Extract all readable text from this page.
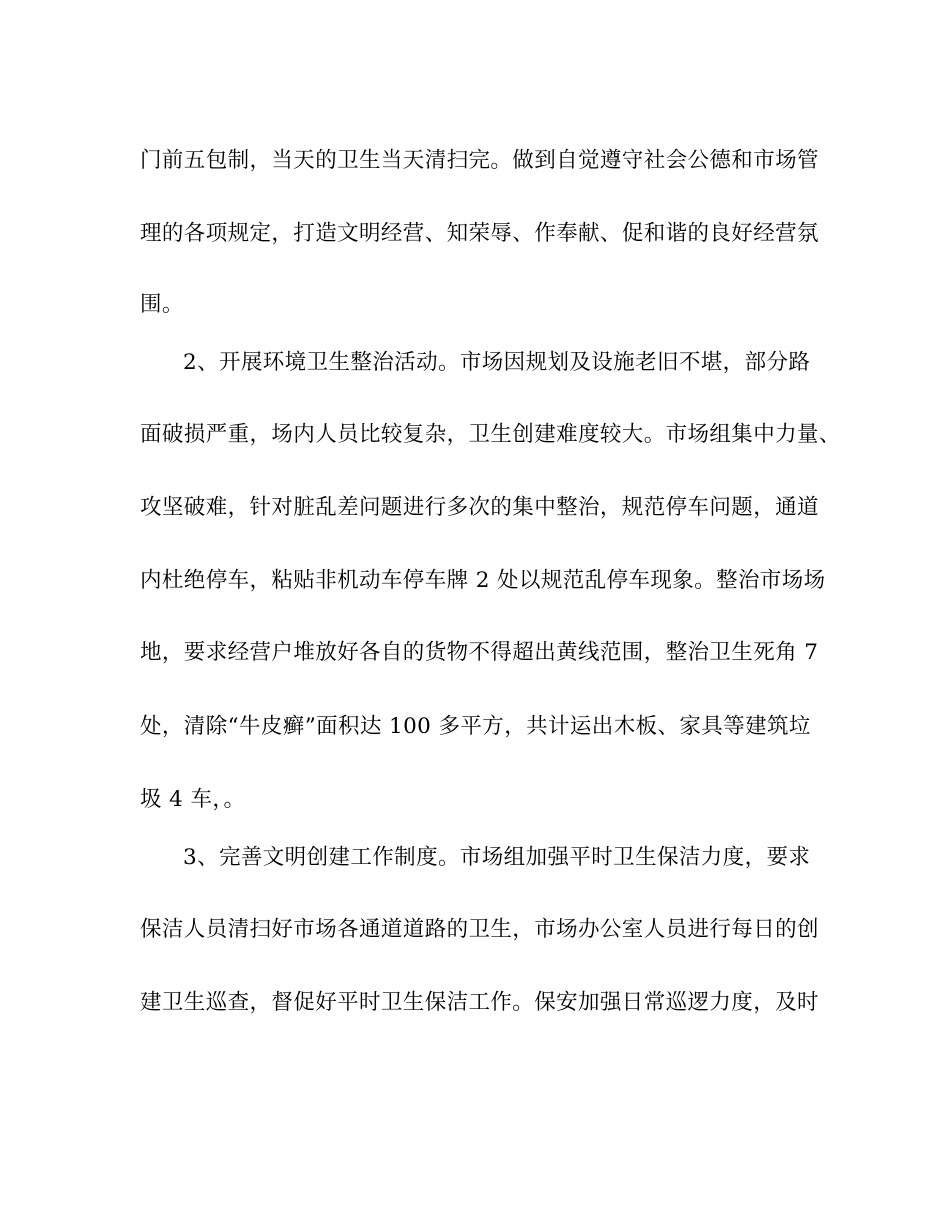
门前五包制，当天的卫生当天清扫完。做到自觉遵守社会公德和市场管
理的各项规定，打造文明经营、知荣辱、作奉献、促和谐的良好经营氛
围。
2、开展环境卫生整治活动。市场因规划及设施老旧不堪，部分路
面破损严重，场内人员比较复杂，卫生创建难度较大。市场组集中力量、
攻坚破难，针对脏乱差问题进行多次的集中整治，规范停车问题，通道
内杜绝停车，粘贴非机动车停车牌 2 处以规范乱停车现象。整治市场场
地，要求经营户堆放好各自的货物不得超出黄线范围，整治卫生死角 7
处，清除“牛皮癣”面积达 100 多平方，共计运出木板、家具等建筑垃
圾 4 车，。
3、完善文明创建工作制度。市场组加强平时卫生保洁力度，要求
保洁人员清扫好市场各通道道路的卫生，市场办公室人员进行每日的创
建卫生巡查，督促好平时卫生保洁工作。保安加强日常巡逻力度，及时
